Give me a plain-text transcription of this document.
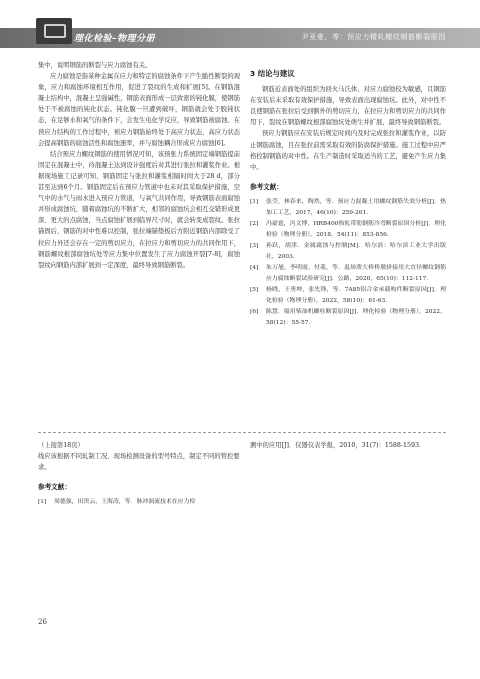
理化检验–物理分册	尹亚豪，等：预应力精轧螺纹钢筋断裂原因

集中，说明钢筋的断裂与应力腐蚀有关。

应力腐蚀是指某种金属在应力和特定的腐蚀条件下产生脆性断裂的现象，应力和腐蚀环境相互作用，促进了裂纹的生成和扩展[5]。在钢筋混凝土结构中，混凝土呈强碱性，钢筋表面形成一层致密的钝化膜，使钢筋处于不被腐蚀的钝化状态。钝化膜一旦遭到破坏，钢筋就会处于脱钝状态，在足够水和氧气的条件下，会发生电化学反应，导致钢筋被腐蚀。在预应力结构的工作过程中，预应力钢筋始终处于高应力状态，高应力状态会提高钢筋的腐蚀活性和腐蚀速率，并与腐蚀耦合形成应力腐蚀[6]。

结合预应力螺纹钢筋的使用情况可知，该预张力系统固定端钢筋提前固定在混凝土中，待混凝土达到设计强度后对其进行张拉和灌浆作业。根据现场施工记录可知，钢筋固定与张拉和灌浆相隔时间大于28 d，部分甚至达到6个月。钢筋固定后在预应力管道中也未对其采取保护措施，空气中的水气与雨水进入预应力管道，与氧气共同作用，导致钢筋表面腐蚀并形成腐蚀坑，随着腐蚀坑的不断扩大，相邻的腐蚀坑会相互交错形成更深、更大的点腐蚀，当点腐蚀扩展到临界尺寸时，就会转变成裂纹。张拉锚固后，钢筋的对中性难以控制，张拉端锚垫板后方附近钢筋内部除受了拉应力外还会存在一定的剪切应力，在拉应力和剪切应力的共同作用下，钢筋螺纹根部腐蚀坑处等应力集中位置发生了应力腐蚀开裂[7-8]，腐蚀裂纹向钢筋内部扩展到一定深度，最终导致钢筋断裂。

3 结论与建议

钢筋近表面处的组织为回火马氏体，对应力腐蚀较为敏感，且钢筋在安装后未采取有效保护措施，导致表面出现腐蚀坑。此外，对中性不良使钢筋在张拉后受到额外的剪切应力，在拉应力和剪切应力的共同作用下，裂纹在钢筋螺纹根部腐蚀坑处萌生并扩展，最终导致钢筋断裂。

预应力钢筋应在安装后规定时间内及时完成张拉和灌浆作业，以防止钢筋腐蚀，且在张拉前需采取有效的防腐保护措施。施工过程中应严格控制钢筋的对中性。在生产制造时采取适当的工艺，避免产生应力集中。

参考文献：
[1]	张莹，林春来，陶然，等．预应力混凝土用螺纹钢筋失效分析[J]．热加工工艺，2017，46(10)：259-261.
[2]	冯豪霆，冯文博，HRB400热轧带肋钢筋冷弯断裂原因分析[J]．理化检验（物理分册），2018，54(11)：853-856.
[3]	孙跃，胡津．金属腐蚀与控制[M]．哈尔滨：哈尔滨工业大学出版社，2003.
[4]	朱万旭，李明霞，付菱，等．退场溃大桥桥墩拼接用大直径螺纹钢筋应力腐蚀断裂试验研究[J]．公路，2020，65(10)：112-117.
[5]	杨晓，王勇坤，张先锋，等．7A85铝合金承载构件断裂原因[J]．理化检验（物理分册），2022，58(10)：61-63.
[6]	陈慧．船用柴油机螺柱断裂原因[J]．理化检验（物理分册），2022，58(12)：55-57.

（上接第18页）

线应该根据不同轧制工况、现场检测设备的型号特点，制定不同的管控要求。

参考文献：
[1]	周德强，田贵云，王海涛，等．脉冲涡流技术在应力检

测中的应用[J]．仪器仪表学报，2010，31(7)：1588-1593.

26
